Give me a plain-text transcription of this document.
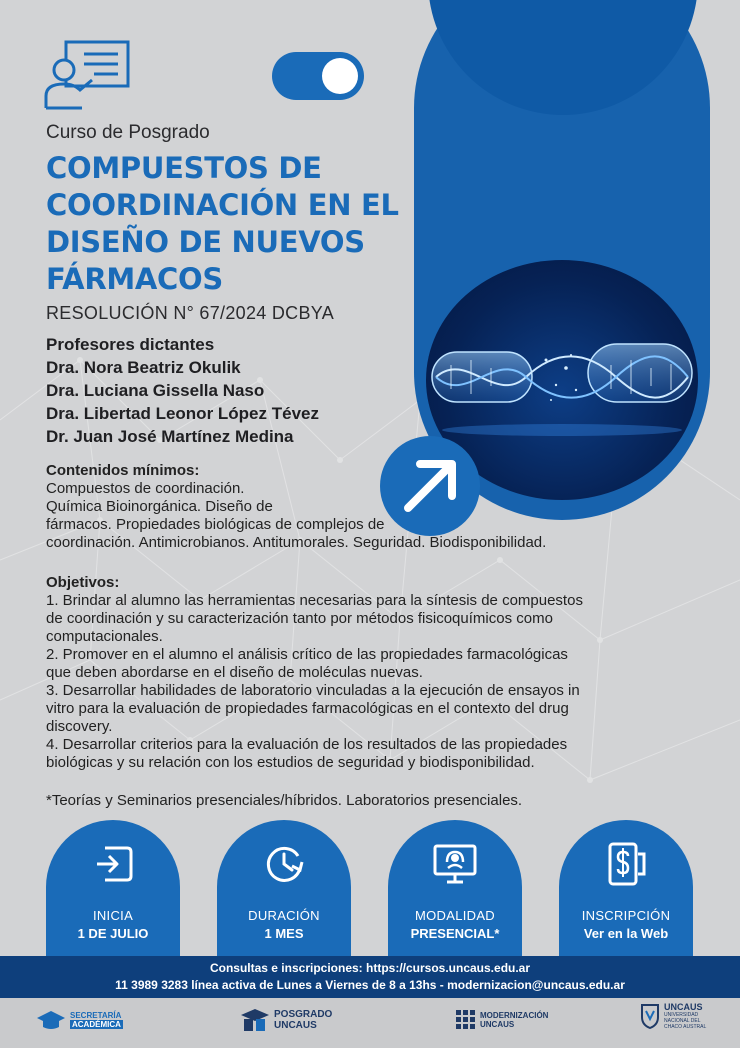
Curso de Posgrado
COMPUESTOS DE
COORDINACIÓN EN EL
DISEÑO DE NUEVOS
FÁRMACOS
RESOLUCIÓN N° 67/2024 DCBYA
Profesores dictantes
Dra. Nora Beatriz Okulik
Dra. Luciana Gissella Naso
Dra. Libertad Leonor López Tévez
Dr. Juan José Martínez Medina
Contenidos mínimos:
Compuestos de coordinación.
Química Bioinorgánica. Diseño de
fármacos. Propiedades biológicas de complejos de
coordinación. Antimicrobianos. Antitumorales. Seguridad. Biodisponibilidad.
Objetivos:
1. Brindar al alumno las herramientas necesarias para la síntesis de compuestos
de coordinación y su caracterización tanto por métodos fisicoquímicos como
computacionales.
2. Promover en el alumno el análisis crítico de las propiedades farmacológicas
que deben abordarse en el diseño de moléculas nuevas.
3. Desarrollar habilidades de laboratorio vinculadas a la ejecución de ensayos in
vitro para la evaluación de propiedades farmacológicas en el contexto del drug
discovery.
4. Desarrollar criterios para la evaluación de los resultados de las propiedades
biológicas y su relación con los estudios de seguridad y biodisponibilidad.
*Teorías y Seminarios presenciales/híbridos. Laboratorios presenciales.
INICIA
1 DE JULIO
DURACIÓN
1 MES
MODALIDAD
PRESENCIAL*
INSCRIPCIÓN
Ver en la Web
Consultas e inscripciones: https://cursos.uncaus.edu.ar
11 3989 3283 línea activa de Lunes a Viernes de 8 a 13hs - modernizacion@uncaus.edu.ar
SECRETARÍA
ACADÉMICA
POSGRADO
UNCAUS
MODERNIZACIÓN
UNCAUS
UNCAUS
UNIVERSIDAD
NACIONAL DEL
CHACO AUSTRAL
